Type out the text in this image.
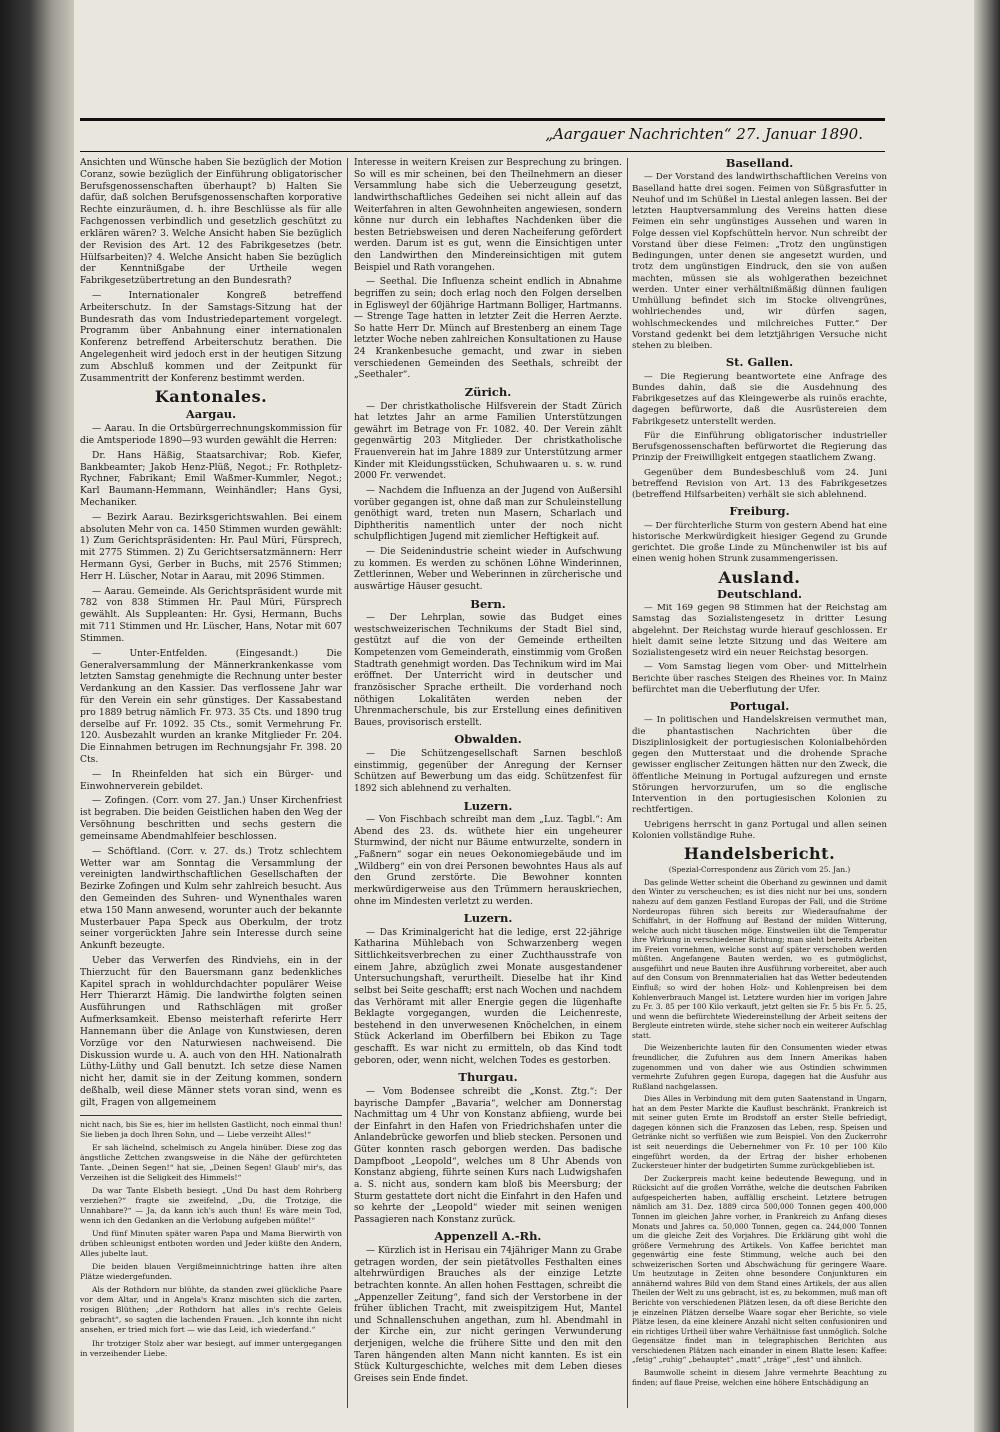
„Aargauer Nachrichten“ 27. Januar 1890.

Ansichten und Wünsche haben Sie bezüglich der Motion Coranz, sowie bezüglich der Einführung obligatorischer Berufsgenossenschaften überhaupt? b) Halten Sie dafür, daß solchen Berufsgenossenschaften korporative Rechte einzuräumen, d. h. ihre Beschlüsse als für alle Fachgenossen verbindlich und gesetzlich geschützt zu erklären wären? 3. Welche Ansicht haben Sie bezüglich der Revision des Art. 12 des Fabrikgesetzes (betr. Hülfsarbeiten)? 4. Welche Ansicht haben Sie bezüglich der Kenntnißgabe der Urtheile wegen Fabrikgesetzübertretung an den Bundesrath?

— Internationaler Kongreß betreffend Arbeiterschutz. In der Samstags-Sitzung hat der Bundesrath das vom Industriedepartement vorgelegt. Programm über Anbahnung einer internationalen Konferenz betreffend Arbeiterschutz berathen. Die Angelegenheit wird jedoch erst in der heutigen Sitzung zum Abschluß kommen und der Zeitpunkt für Zusammentritt der Konferenz bestimmt werden.

Kantonales.
Aargau.

— Aarau. In die Ortsbürgerrechnungskommission für die Amtsperiode 1890—93 wurden gewählt die Herren:

Dr. Hans Häßig, Staatsarchivar; Rob. Kiefer, Bankbeamter; Jakob Henz-Plüß, Negot.; Fr. Rothpletz-Rychner, Fabrikant; Emil Waßmer-Kummler, Negot.; Karl Baumann-Hemmann, Weinhändler; Hans Gysi, Mechaniker.

— Bezirk Aarau. Bezirksgerichtswahlen. Bei einem absoluten Mehr von ca. 1450 Stimmen wurden gewählt: 1) Zum Gerichtspräsidenten: Hr. Paul Müri, Fürsprech, mit 2775 Stimmen. 2) Zu Gerichtsersatzmännern: Herr Hermann Gysi, Gerber in Buchs, mit 2576 Stimmen; Herr H. Lüscher, Notar in Aarau, mit 2096 Stimmen.

— Aarau. Gemeinde. Als Gerichtspräsident wurde mit 782 von 838 Stimmen Hr. Paul Müri, Fürsprech gewählt. Als Suppleanten: Hr. Gysi, Hermann, Buchs mit 711 Stimmen und Hr. Lüscher, Hans, Notar mit 607 Stimmen.

— Unter-Entfelden. (Eingesandt.) Die Generalversammlung der Männerkrankenkasse vom letzten Samstag genehmigte die Rechnung unter bester Verdankung an den Kassier. Das verflossene Jahr war für den Verein ein sehr günstiges. Der Kassabestand pro 1889 betrug nämlich Fr. 973. 35 Cts. und 1890 trug derselbe auf Fr. 1092. 35 Cts., somit Vermehrung Fr. 120. Ausbezahlt wurden an kranke Mitglieder Fr. 204. Die Einnahmen betrugen im Rechnungsjahr Fr. 398. 20 Cts.

— In Rheinfelden hat sich ein Bürger- und Einwohnerverein gebildet.

— Zofingen. (Corr. vom 27. Jan.) Unser Kirchenfriest ist begraben. Die beiden Geistlichen haben den Weg der Versöhnung beschritten und sechs gestern die gemeinsame Abendmahlfeier beschlossen.

— Schöftland. (Corr. v. 27. ds.) Trotz schlechtem Wetter war am Sonntag die Versammlung der vereinigten landwirthschaftlichen Gesellschaften der Bezirke Zofingen und Kulm sehr zahlreich besucht. Aus den Gemeinden des Suhren- und Wynenthales waren etwa 150 Mann anwesend, worunter auch der bekannte Musterbauer Papa Speck aus Oberkulm, der trotz seiner vorgerückten Jahre sein Interesse durch seine Ankunft bezeugte.

Ueber das Verwerfen des Rindviehs, ein in der Thierzucht für den Bauersmann ganz bedenkliches Kapitel sprach in wohldurchdachter populärer Weise Herr Thierarzt Hämig. Die landwirthe folgten seinen Ausführungen und Rathschlägen mit großer Aufmerksamkeit. Ebenso meisterhaft referirte Herr Hannemann über die Anlage von Kunstwiesen, deren Vorzüge vor den Naturwiesen nachweisend. Die Diskussion wurde u. A. auch von den HH. Nationalrath Lüthy-Lüthy und Gall benutzt. Ich setze diese Namen nicht her, damit sie in der Zeitung kommen, sondern deßhalb, weil diese Männer stets voran sind, wenn es gilt, Fragen von allgemeinem

nicht nach, bis Sie es, hier im hellsten Gastlicht, noch einmal thun! Sie lieben ja doch Ihren Sohn, und — Liebe verzeiht Alles!“

Er sah lächelnd, schelmisch zu Angela hinüber. Diese zog das ängstliche Zettchen zwangsweise in die Nähe der gefürchteten Tante. „Deinen Segen!“ hat sie, „Deinen Segen! Glaub' mir's, das Verzeihen ist die Seligkeit des Himmels!“

Da war Tante Elsbeth besiegt. „Und Du hast dem Rohrberg verziehen?“ fragte sie zweifelnd, „Du, die Trotzige, die Unnahbare?“ — Ja, da kann ich's auch thun! Es wäre mein Tod, wenn ich den Gedanken an die Verlobung aufgeben müßte!“

Und fünf Minuten später waren Papa und Mama Bierwirth von drüben schleunigst entboten worden und Jeder küßte den Andern, Alles jubelte laut.

Die beiden blauen Vergißmeinnichtringe hatten ihre alten Plätze wiedergefunden.

Als der Rothdorn nur blühte, da standen zwei glückliche Paare vor dem Altar, und in Angela's Kranz mischten sich die zarten, rosigen Blüthen; „der Rothdorn hat alles in's rechte Geleis gebracht“, so sagten die lachenden Frauen. „Ich konnte ihn nicht ansehen, er tried mich fort — wie das Leid, ich wiederfand.“

Ihr trotziger Stolz aber war besiegt, auf immer untergegangen in verzeihender Liebe.

Interesse in weitern Kreisen zur Besprechung zu bringen. So will es mir scheinen, bei den Theilnehmern an dieser Versammlung habe sich die Ueberzeugung gesetzt, landwirthschaftliches Gedeihen sei nicht allein auf das Weiterfahren in alten Gewohnheiten angewiesen, sondern könne nur durch ein lebhaftes Nachdenken über die besten Betriebsweisen und deren Nacheiferung gefördert werden. Darum ist es gut, wenn die Einsichtigen unter den Landwirthen den Mindereinsichtigen mit gutem Beispiel und Rath vorangehen.

— Seethal. Die Influenza scheint endlich in Abnahme begriffen zu sein; doch erlag noch den Folgen derselben in Eglisweyl der 60jährige Hartmann Bolliger, Hartmanns. — Strenge Tage hatten in letzter Zeit die Herren Aerzte. So hatte Herr Dr. Münch auf Brestenberg an einem Tage letzter Woche neben zahlreichen Konsultationen zu Hause 24 Krankenbesuche gemacht, und zwar in sieben verschiedenen Gemeinden des Seethals, schreibt der „Seethaler“.

Zürich.

— Der christkatholische Hilfsverein der Stadt Zürich hat letztes Jahr an arme Familien Unterstützungen gewährt im Betrage von Fr. 1082. 40. Der Verein zählt gegenwärtig 203 Mitglieder. Der christkatholische Frauenverein hat im Jahre 1889 zur Unterstützung armer Kinder mit Kleidungsstücken, Schuhwaaren u. s. w. rund 2000 Fr. verwendet.

— Nachdem die Influenza an der Jugend von Außersihl vorüber gegangen ist, ohne daß man zur Schuleinstellung genöthigt ward, treten nun Masern, Scharlach und Diphtheritis namentlich unter der noch nicht schulpflichtigen Jugend mit ziemlicher Heftigkeit auf.

— Die Seidenindustrie scheint wieder in Aufschwung zu kommen. Es werden zu schönen Löhne Winderinnen, Zettlerinnen, Weber und Weberinnen in zürcherische und auswärtige Häuser gesucht.

Bern.

— Der Lehrplan, sowie das Budget eines westschweizerischen Technikums der Stadt Biel sind, gestützt auf die von der Gemeinde ertheilten Kompetenzen vom Gemeinderath, einstimmig vom Großen Stadtrath genehmigt worden. Das Technikum wird im Mai eröffnet. Der Unterricht wird in deutscher und französischer Sprache ertheilt. Die vorderhand noch nöthigen Lokalitäten werden neben der Uhrenmacherschule, bis zur Erstellung eines definitiven Baues, provisorisch erstellt.

Obwalden.

— Die Schützengesellschaft Sarnen beschloß einstimmig, gegenüber der Anregung der Kernser Schützen auf Bewerbung um das eidg. Schützenfest für 1892 sich ablehnend zu verhalten.

Luzern.

— Von Fischbach schreibt man dem „Luz. Tagbl.“: Am Abend des 23. ds. wüthete hier ein ungeheurer Sturmwind, der nicht nur Bäume entwurzelte, sondern in „Faßnern“ sogar ein neues Oekonomiegebäude und im „Wildberg“ ein von drei Personen bewohntes Haus als auf den Grund zerstörte. Die Bewohner konnten merkwürdigerweise aus den Trümmern herauskriechen, ohne im Mindesten verletzt zu werden.

Luzern.

— Das Kriminalgericht hat die ledige, erst 22-jährige Katharina Mühlebach von Schwarzenberg wegen Sittlichkeitsverbrechen zu einer Zuchthausstrafe von einem Jahre, abzüglich zwei Monate ausgestandener Untersuchungshaft, verurtheilt. Dieselbe hat ihr Kind selbst bei Seite geschafft; erst nach Wochen und nachdem das Verhöramt mit aller Energie gegen die lügenhafte Beklagte vorgegangen, wurden die Leichenreste, bestehend in den unverwesenen Knöchelchen, in einem Stück Ackerland im Oberfilbern bei Ebikon zu Tage geschafft. Es war nicht zu ermitteln, ob das Kind todt geboren, oder, wenn nicht, welchen Todes es gestorben.

Thurgau.

— Vom Bodensee schreibt die „Konst. Ztg.“: Der bayrische Dampfer „Bavaria“, welcher am Donnerstag Nachmittag um 4 Uhr von Konstanz abfiieng, wurde bei der Einfahrt in den Hafen von Friedrichshafen unter die Anlandebrücke geworfen und blieb stecken. Personen und Güter konnten rasch geborgen werden. Das badische Dampfboot „Leopold“, welches um 8 Uhr Abends von Konstanz abgieng, führte seinen Kurs nach Ludwigshafen a. S. nicht aus, sondern kam bloß bis Meersburg; der Sturm gestattete dort nicht die Einfahrt in den Hafen und so kehrte der „Leopold“ wieder mit seinen wenigen Passagieren nach Konstanz zurück.

Appenzell A.-Rh.

— Kürzlich ist in Herisau ein 74jähriger Mann zu Grabe getragen worden, der sein pietätvolles Festhalten eines altehrwürdigen Brauches als der einzige Letzte betrachten konnte. An allen hohen Festtagen, schreibt die „Appenzeller Zeitung“, fand sich der Verstorbene in der früher üblichen Tracht, mit zweispitzigem Hut, Mantel und Schnallenschuhen angethan, zum hl. Abendmahl in der Kirche ein, zur nicht geringen Verwunderung derjenigen, welche die frühere Sitte und den mit den Taren hängenden alten Mann nicht kannten. Es ist ein Stück Kulturgeschichte, welches mit dem Leben dieses Greises sein Ende findet.

Baselland.

— Der Vorstand des landwirthschaftlichen Vereins von Baselland hatte drei sogen. Feimen von Süßgrasfutter in Neuhof und im Schüßel in Liestal anlegen lassen. Bei der letzten Hauptversammlung des Vereins hatten diese Feimen ein sehr ungünstiges Aussehen und waren in Folge dessen viel Kopfschütteln hervor. Nun schreibt der Vorstand über diese Feimen: „Trotz den ungünstigen Bedingungen, unter denen sie angesetzt wurden, und trotz dem ungünstigen Eindruck, den sie von außen machten, müssen sie als wohlgerathen bezeichnet werden. Unter einer verhältnißmäßig dünnen fauligen Umhüllung befindet sich im Stocke olivengrünes, wohlriechendes und, wir dürfen sagen, wohlschmeckendes und milchreiches Futter.“ Der Vorstand gedenkt bei dem letztjährigen Versuche nicht stehen zu bleiben.

St. Gallen.

— Die Regierung beantwortete eine Anfrage des Bundes dahin, daß sie die Ausdehnung des Fabrikgesetzes auf das Kleingewerbe als ruinös erachte, dagegen befürworte, daß die Ausrüstereien dem Fabrikgesetz unterstellt werden.

Für die Einführung obligatorischer industrieller Berufsgenossenschaften befürwortet die Regierung das Prinzip der Freiwilligkeit entgegen staatlichem Zwang.

Gegenüber dem Bundesbeschluß vom 24. Juni betreffend Revision von Art. 13 des Fabrikgesetzes (betreffend Hilfsarbeiten) verhält sie sich ablehnend.

Freiburg.

— Der fürchterliche Sturm von gestern Abend hat eine historische Merkwürdigkeit hiesiger Gegend zu Grunde gerichtet. Die große Linde zu Münchenwiler ist bis auf einen wenig hohen Strunk zusammengerissen.

Ausland.
Deutschland.

— Mit 169 gegen 98 Stimmen hat der Reichstag am Samstag das Sozialistengesetz in dritter Lesung abgelehnt. Der Reichstag wurde hierauf geschlossen. Er hielt damit seine letzte Sitzung und das Weitere am Sozialistengesetz wird ein neuer Reichstag besorgen.

— Vom Samstag liegen vom Ober- und Mittelrhein Berichte über rasches Steigen des Rheines vor. In Mainz befürchtet man die Ueberflutung der Ufer.

Portugal.

— In politischen und Handelskreisen vermuthet man, die phantastischen Nachrichten über die Disziplinlosigkeit der portugiesischen Kolonialbehörden gegen den Mutterstaat und die drohende Sprache gewisser englischer Zeitungen hätten nur den Zweck, die öffentliche Meinung in Portugal aufzuregen und ernste Störungen hervorzurufen, um so die englische Intervention in den portugiesischen Kolonien zu rechtfertigen.

Uebrigens herrscht in ganz Portugal und allen seinen Kolonien vollständige Ruhe.

Handelsbericht.

(Spezial-Correspondenz aus Zürich vom 25. Jan.)

Das gelinde Wetter scheint die Oberhand zu gewinnen und damit den Winter zu verscheuchen; es ist dies nicht nur bei uns, sondern nahezu auf dem ganzen Festland Europas der Fall, und die Ströme Nordeuropas führen sich bereits zur Wiederaufnahme der Schiffahrt, in der Hoffnung auf Bestand der milden Witterung, welche auch nicht täuschen möge. Einstweilen übt die Temperatur ihre Wirkung in verschiedener Richtung; man sieht bereits Arbeiten im Freien vornehmen, welche sonst auf später verschoben werden müßten. Angefangene Bauten werden, wo es gutmöglichst, ausgeführt und neue Bauten ihre Ausführung vorbereitet, aber auch auf den Consum von Brennmaterialien hat das Wetter bedeutenden Einfluß; so wird der hohen Holz- und Kohlenpreisen bei dem Kohlenverbrauch Mangel ist. Letztere wurden hier im vorigen Jahre zu Fr. 3. 85 per 100 Kilo verkauft, jetzt gelten sie Fr. 5 bis Fr. 5. 25, und wenn die befürchtete Wiedereinstellung der Arbeit seitens der Bergleute eintreten würde, stehe sicher noch ein weiterer Aufschlag statt.

Die Weizenberichte lauten für den Consumenten wieder etwas freundlicher, die Zufuhren aus dem Innern Amerikas haben zugenommen und von daher wie aus Ostindien schwimmen vermehrte Zufuhren gegen Europa, dagegen hat die Ausfuhr aus Rußland nachgelassen.

Dies Alles in Verbindung mit dem guten Saatenstand in Ungarn, hat an dem Pester Markte die Kauflust beschränkt. Frankreich ist mit seiner guten Ernte im Brodstoff an erster Stelle befriedigt, dagegen können sich die Franzosen das Leben, resp. Speisen und Getränke nicht so verfüßen wie zum Beispiel. Von den Zuckerrohr ist seit neuerdings die Uebernehmer von Fr. 10 per 100 Kilo eingeführt worden, da der Ertrag der bisher erhobenen Zuckersteuer hinter der budgetirten Summe zurückgeblieben ist.

Der Zuckerpreis macht keine bedeutende Bewegung, und in Rücksicht auf die großen Vorräthe, welche die deutschen Fabriken aufgespeicherten haben, auffällig erscheint. Letztere betrugen nämlich am 31. Dez. 1889 circa 500,000 Tonnen gegen 400,000 Tonnen im gleichen Jahre vorher, in Frankreich zu Anfang dieses Monats und Jahres ca. 50,000 Tonnen, gegen ca. 244,000 Tonnen um die gleiche Zeit des Vorjahres. Die Erklärung gibt wohl die größere Vermehrung des Artikels. Von Kaffee berichtet man gegenwärtig eine feste Stimmung, welche auch bei den schweizerischen Sorten und Abschwächung für geringere Waare. Um heutzutage in Zeiten ohne besondere Conjunkturen ein annähernd wahres Bild von dem Stand eines Artikels, der aus allen Theilen der Welt zu uns gebracht, ist es, zu bekommen, muß man oft Berichte von verschiedenen Plätzen lesen, da oft diese Berichte den je einzelnen Plätzen derselbe Waare sogar eher Berichte, so viele Plätze lesen, da eine kleinere Anzahl nicht selten confusioniren und ein richtiges Urtheil über wahre Verhältnisse fast unmöglich. Solche Gegensätze findet man in telegraphischen Berichten aus verschiedenen Plätzen nach einander in einem Blatte lesen: Kaffee: „fetig“ „ruhig“ „behauptet“ „matt“ „träge“ „fest“ und ähnlich.

Baumwolle scheint in diesem Jahre vermehrte Beachtung zu finden; auf flaue Preise, welchen eine höhere Entschädigung an
